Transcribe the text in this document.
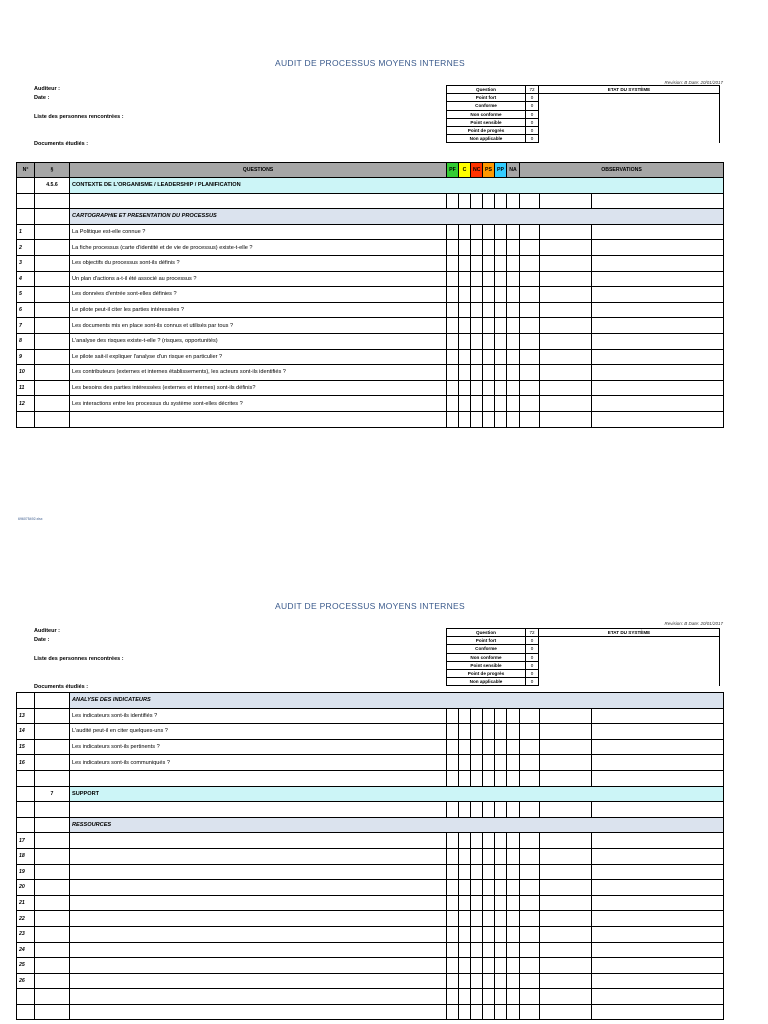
AUDIT DE PROCESSUS MOYENS INTERNES
Revision: B Date: 20/01/2017
Auditeur :
Date :
Liste des personnes rencontrées :
Documents étudiés :
Question	72	ETAT DU SYSTÈME
Point fort	0	
Conforme	0	
Non conforme	0	
Point sensible	0	
Point de progrès	0	
Non applicable	0	
N°	§	QUESTIONS	PF	C	NC	PS	PP	NA	OBSERVATIONS		
	4.5.6	CONTEXTE DE L'ORGANISME / LEADERSHIP / PLANIFICATION									

		CARTOGRAPHIE ET PRESENTATION DU PROCESSUS									
1		La Politique est-elle connue ?									
2		La fiche processus (carte d'identité et de vie de processus) existe-t-elle ?									
3		Les objectifs du processus sont-ils définis ?									
4		Un plan d'actions a-t-il été associé au processus ?									
5		Les données d'entrée sont-elles définies ?									
6		Le pilote peut-il citer les parties intéressées ?									
7		Les documents mis en place sont-ils connus et utilisés par tous ?									
8		L'analyse des risques existe-t-elle ? (risques, opportunités)									
9		Le pilote sait-il expliquer l'analyse d'un risque en particulier ?									
10		Les contributeurs (externes et internes établissements), les acteurs sont-ils identifiés ?									
11		Les besoins des parties intéressées (externes et internes) sont-ils définis?									
12		Les interactions entre les processus du système sont-elles décrites ?									

696075492.xlsx
AUDIT DE PROCESSUS MOYENS INTERNES
Revision: B Date: 20/01/2017
Auditeur :
Date :
Liste des personnes rencontrées :
Documents étudiés :
Question	72	ETAT DU SYSTÈME
Point fort	0	
Conforme	0	
Non conforme	0	
Point sensible	0	
Point de progrès	0	
Non applicable	0	
		ANALYSE DES INDICATEURS									
13		Les indicateurs sont-ils identifiés ?									
14		L'audité peut-il en citer quelques-uns ?									
15		Les indicateurs sont-ils pertinents ?									
16		Les indicateurs sont-ils communiqués ?									

	7	SUPPORT									

		RESSOURCES									
17											
18											
19											
20											
21											
22											
23											
24											
25											
26											
